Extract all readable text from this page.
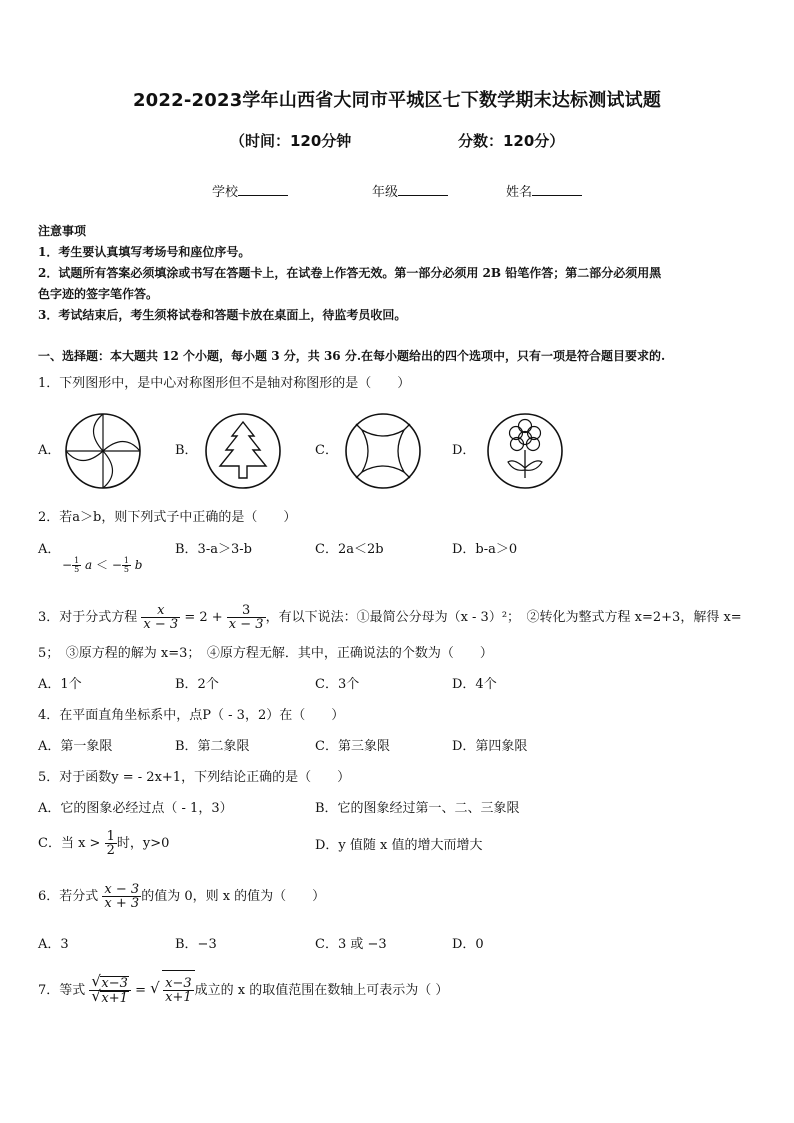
2022-2023学年山西省大同市平城区七下数学期末达标测试试题
（时间：120分钟	分数：120分）
学校	年级	姓名
注意事项
1．考生要认真填写考场号和座位序号。
2．试题所有答案必须填涂或书写在答题卡上，在试卷上作答无效。第一部分必须用 2B 铅笔作答；第二部分必须用黑
色字迹的签字笔作答。
3．考试结束后，考生须将试卷和答题卡放在桌面上，待监考员收回。
一、选择题：本大题共 12 个小题，每小题 3 分，共 36 分.在每小题给出的四个选项中，只有一项是符合题目要求的.
1．下列图形中，是中心对称图形但不是轴对称图形的是（　　）
A．	B．	C．	D．
2．若a＞b，则下列式子中正确的是（　　）
A．
− $\frac{1}{5}$ a ＜ − $\frac{1}{5}$ b
B．3-a＞3-b	C．2a＜2b	D．b-a＞0
3．对于分式方程 $\frac{x}{x - 3} = 2 + \frac{3}{x - 3}$ ，有以下说法：①最简公分母为（x - 3）²；　②转化为整式方程 x=2+3，解得 x=
5；　③原方程的解为 x=3；　④原方程无解．其中，正确说法的个数为（　　）
A．1个	B．2个	C．3个	D．4个
4．在平面直角坐标系中，点P（ - 3，2）在（　　）
A．第一象限	B．第二象限	C．第三象限	D．第四象限
5．对于函数y = - 2x+1，下列结论正确的是（　　）
A．它的图象必经过点（ - 1，3）	B．它的图象经过第一、二、三象限
C．当 $x > \frac{1}{2}$ 时，y>0	D．y 值随 x 值的增大而增大
6．若分式 $\frac{x - 3}{x + 3}$ 的值为 0，则 x 的值为（　　）
A．3	B．−3	C．3 或 −3	D．0
7．等式 √ x−3
√ x+1 = √ $\frac{x-3}{x+1}$ 成立的 x 的取值范围在数轴上可表示为（ ）
